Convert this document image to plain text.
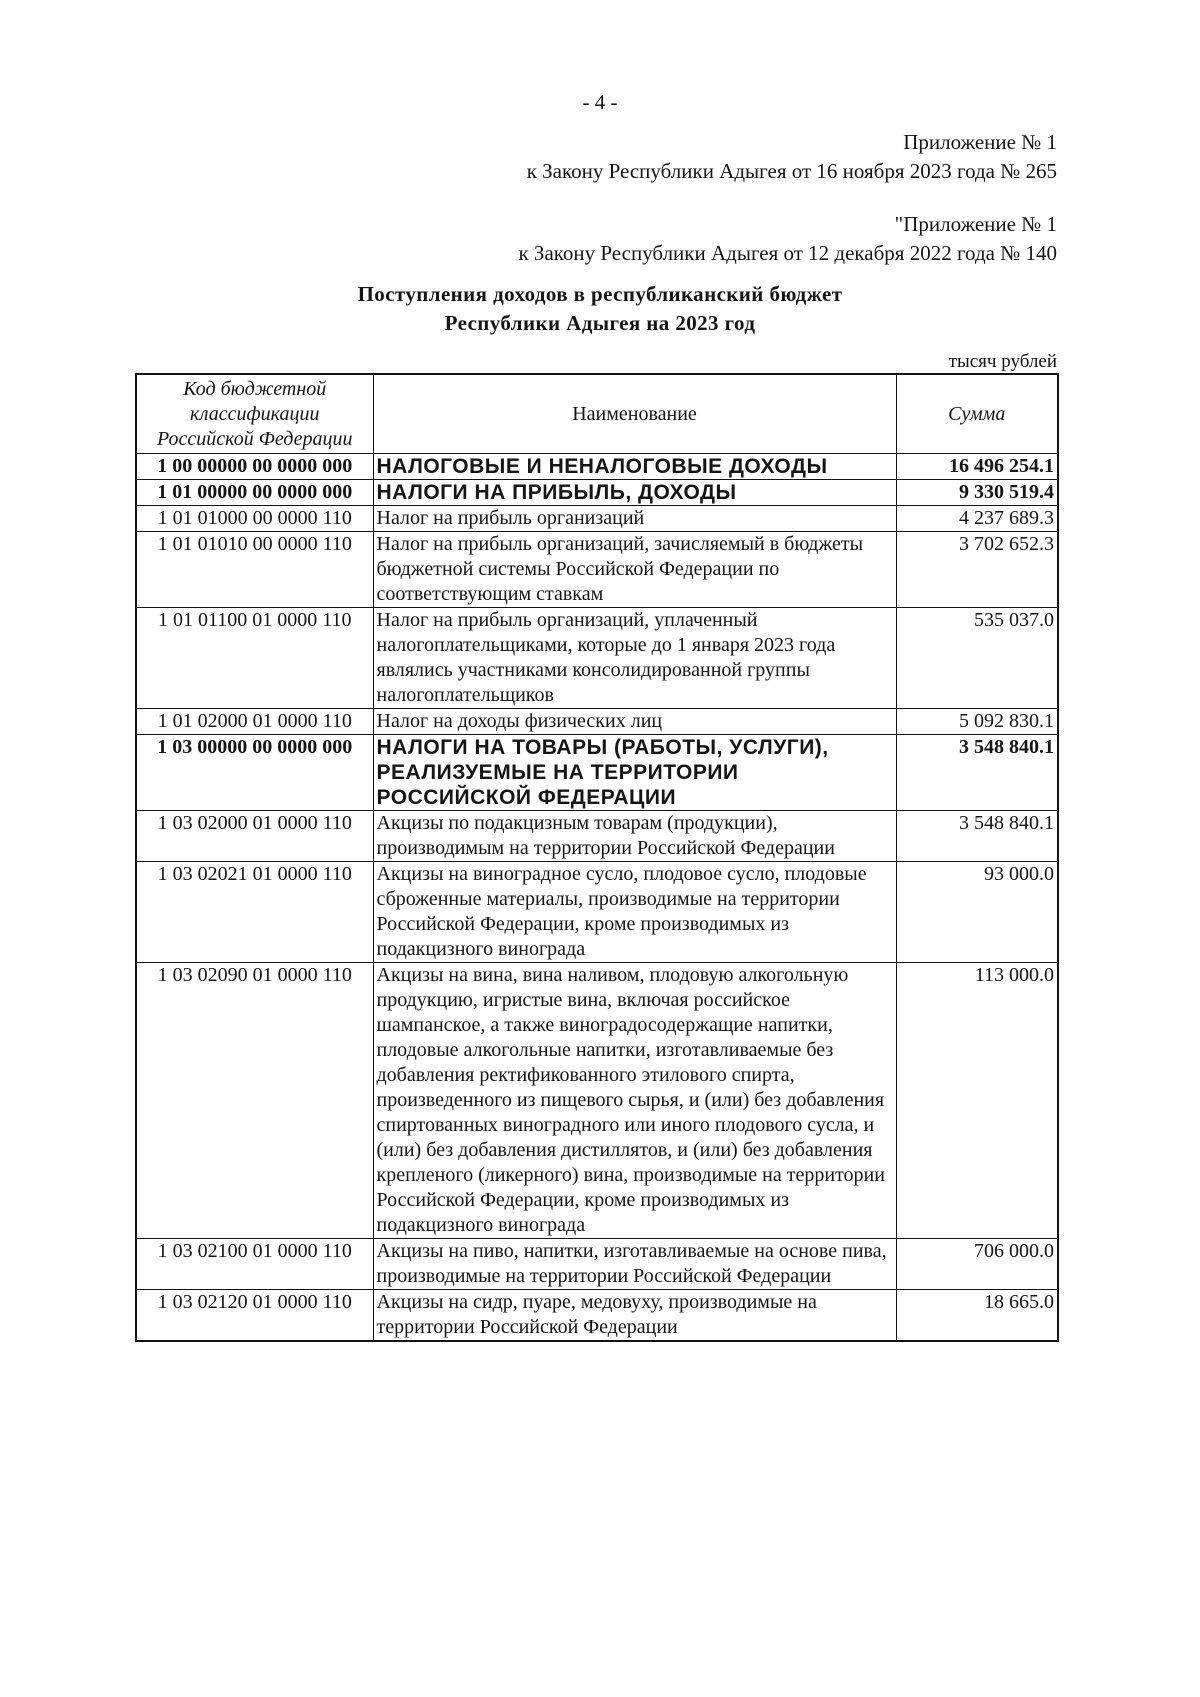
- 4 -
Приложение № 1
к Закону Республики Адыгея от 16 ноября 2023 года № 265
"Приложение № 1
к Закону Республики Адыгея от 12 декабря 2022 года № 140
Поступления доходов в республиканский бюджет
Республики Адыгея на 2023 год
тысяч рублей
Код бюджетной классификации Российской Федерации	Наименование	Сумма
1 00 00000 00 0000 000	НАЛОГОВЫЕ И НЕНАЛОГОВЫЕ ДОХОДЫ	16 496 254.1
1 01 00000 00 0000 000	НАЛОГИ НА ПРИБЫЛЬ, ДОХОДЫ	9 330 519.4
1 01 01000 00 0000 110	Налог на прибыль организаций	4 237 689.3
1 01 01010 00 0000 110	Налог на прибыль организаций, зачисляемый в бюджеты бюджетной системы Российской Федерации по соответствующим ставкам	3 702 652.3
1 01 01100 01 0000 110	Налог на прибыль организаций, уплаченный налогоплательщиками, которые до 1 января 2023 года являлись участниками консолидированной группы налогоплательщиков	535 037.0
1 01 02000 01 0000 110	Налог на доходы физических лиц	5 092 830.1
1 03 00000 00 0000 000	НАЛОГИ НА ТОВАРЫ (РАБОТЫ, УСЛУГИ), РЕАЛИЗУЕМЫЕ НА ТЕРРИТОРИИ РОССИЙСКОЙ ФЕДЕРАЦИИ	3 548 840.1
1 03 02000 01 0000 110	Акцизы по подакцизным товарам (продукции), производимым на территории Российской Федерации	3 548 840.1
1 03 02021 01 0000 110	Акцизы на виноградное сусло, плодовое сусло, плодовые сброженные материалы, производимые на территории Российской Федерации, кроме производимых из подакцизного винограда	93 000.0
1 03 02090 01 0000 110	Акцизы на вина, вина наливом, плодовую алкогольную продукцию, игристые вина, включая российское шампанское, а также виноградосодержащие напитки, плодовые алкогольные напитки, изготавливаемые без добавления ректификованного этилового спирта, произведенного из пищевого сырья, и (или) без добавления спиртованных виноградного или иного плодового сусла, и (или) без добавления дистиллятов, и (или) без добавления крепленого (ликерного) вина, производимые на территории Российской Федерации, кроме производимых из подакцизного винограда	113 000.0
1 03 02100 01 0000 110	Акцизы на пиво, напитки, изготавливаемые на основе пива, производимые на территории Российской Федерации	706 000.0
1 03 02120 01 0000 110	Акцизы на сидр, пуаре, медовуху, производимые на территории Российской Федерации	18 665.0
